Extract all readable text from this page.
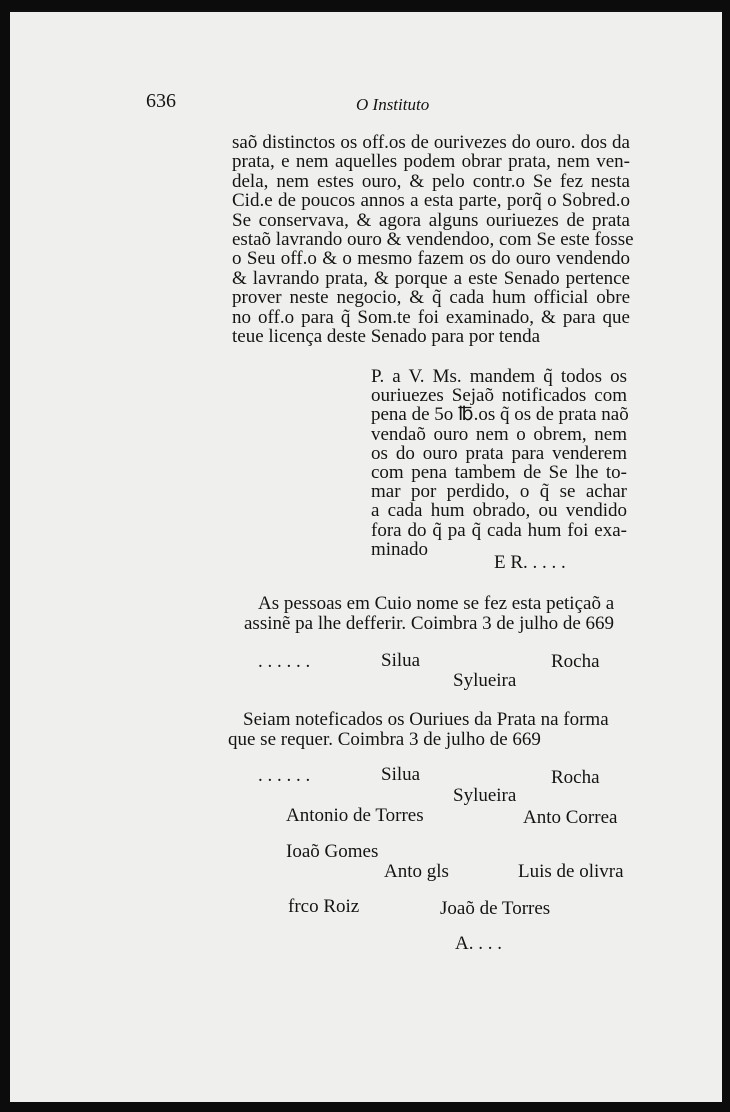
636	O Instituto
saõ distinctos os off.os de ourivezes do ouro. dos da
prata, e nem aquelles podem obrar prata, nem ven-
dela, nem estes ouro, & pelo contr.o Se fez nesta
Cid.e de poucos annos a esta parte, porq̃ o Sobred.o
Se conservava, & agora alguns ouriuezes de prata
estaõ lavrando ouro & vendendoo, com Se este fosse
o Seu off.o & o mesmo fazem os do ouro vendendo
& lavrando prata, & porque a este Senado pertence
prover neste negocio, & q̃ cada hum official obre
no off.o para q̃ Som.te foi examinado, & para que
teue licença deste Senado para por tenda
P. a V. Ms. mandem q̃ todos os
ouriuezes Sejaõ notificados com
pena de 5o ℔.os q̃ os de prata naõ
vendaõ ouro nem o obrem, nem
os do ouro prata para venderem
com pena tambem de Se lhe to-
mar por perdido, o q̃ se achar
a cada hum obrado, ou vendido
fora do q̃ pa q̃ cada hum foi exa-
minado
E R. . . . .
As pessoas em Cuio nome se fez esta petiçaõ a
assinẽ pa lhe defferir. Coimbra 3 de julho de 669
. . . . . .	Silua	Rocha
Sylueira
Seiam noteficados os Ouriues da Prata na forma
que se requer. Coimbra 3 de julho de 669
. . . . . .	Silua	Rocha
Sylueira
Antonio de Torres	Anto Correa
Ioaõ Gomes
Anto gls	Luis de olivra
frco Roiz	Joaõ de Torres
A. . . .
